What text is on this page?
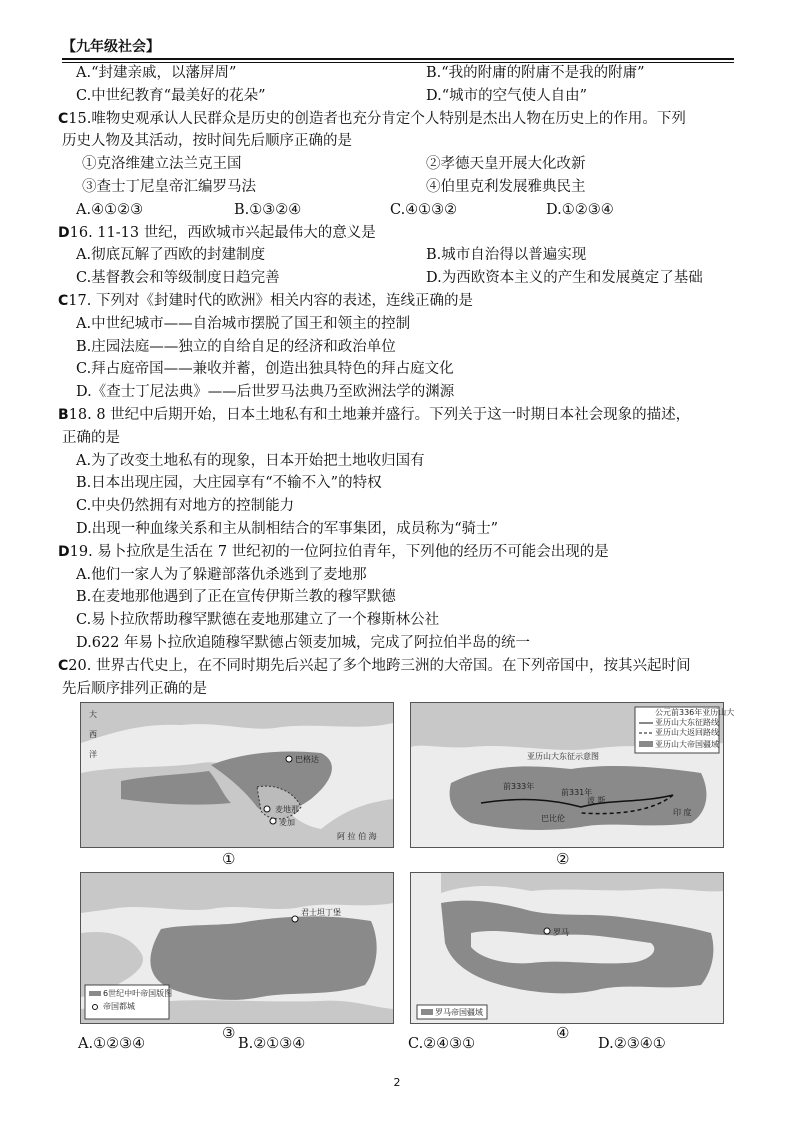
【九年级社会】
A.“封建亲戚，以藩屏周”	B.“我的附庸的附庸不是我的附庸”
C.中世纪教育“最美好的花朵”	D.“城市的空气使人自由”
C15.唯物史观承认人民群众是历史的创造者也充分肯定个人特别是杰出人物在历史上的作用。下列
历史人物及其活动，按时间先后顺序正确的是
①克洛维建立法兰克王国	②孝德天皇开展大化改新
③查士丁尼皇帝汇编罗马法	④伯里克利发展雅典民主
A.④①②③	B.①③②④	C.④①③②	D.①②③④
D16. 11-13 世纪，西欧城市兴起最伟大的意义是
A.彻底瓦解了西欧的封建制度	B.城市自治得以普遍实现
C.基督教会和等级制度日趋完善	D.为西欧资本主义的产生和发展奠定了基础
C17. 下列对《封建时代的欧洲》相关内容的表述，连线正确的是
A.中世纪城市——自治城市摆脱了国王和领主的控制
B.庄园法庭——独立的自给自足的经济和政治单位
C.拜占庭帝国——兼收并蓄，创造出独具特色的拜占庭文化
D.《查士丁尼法典》——后世罗马法典乃至欧洲法学的渊源
B18. 8 世纪中后期开始，日本土地私有和土地兼并盛行。下列关于这一时期日本社会现象的描述，
正确的是
A.为了改变土地私有的现象，日本开始把土地收归国有
B.日本出现庄园，大庄园享有“不输不入”的特权
C.中央仍然拥有对地方的控制能力
D.出现一种血缘关系和主从制相结合的军事集团，成员称为“骑士”
D19. 易卜拉欣是生活在 7 世纪初的一位阿拉伯青年，下列他的经历不可能会出现的是
A.他们一家人为了躲避部落仇杀逃到了麦地那
B.在麦地那他遇到了正在宣传伊斯兰教的穆罕默德
C.易卜拉欣帮助穆罕默德在麦地那建立了一个穆斯林公社
D.622 年易卜拉欣追随穆罕默德占领麦加城，完成了阿拉伯半岛的统一
C20. 世界古代史上，在不同时期先后兴起了多个地跨三洲的大帝国。在下列帝国中，按其兴起时间
先后顺序排列正确的是
巴格达
麦地那
麦加
阿 拉 伯 海
大
西
洋
①
公元前336年亚历山大
亚历山大东征路线
亚历山大返回路线
亚历山大帝国疆域
亚历山大东征示意图
前333年
前331年
巴比伦
波 斯
印 度
②
君士坦丁堡
6世纪中叶帝国版图
帝国都城
③
罗马
罗马帝国疆域
④
A.①②③④	B.②①③④	C.②④③①	D.②③④①
2
